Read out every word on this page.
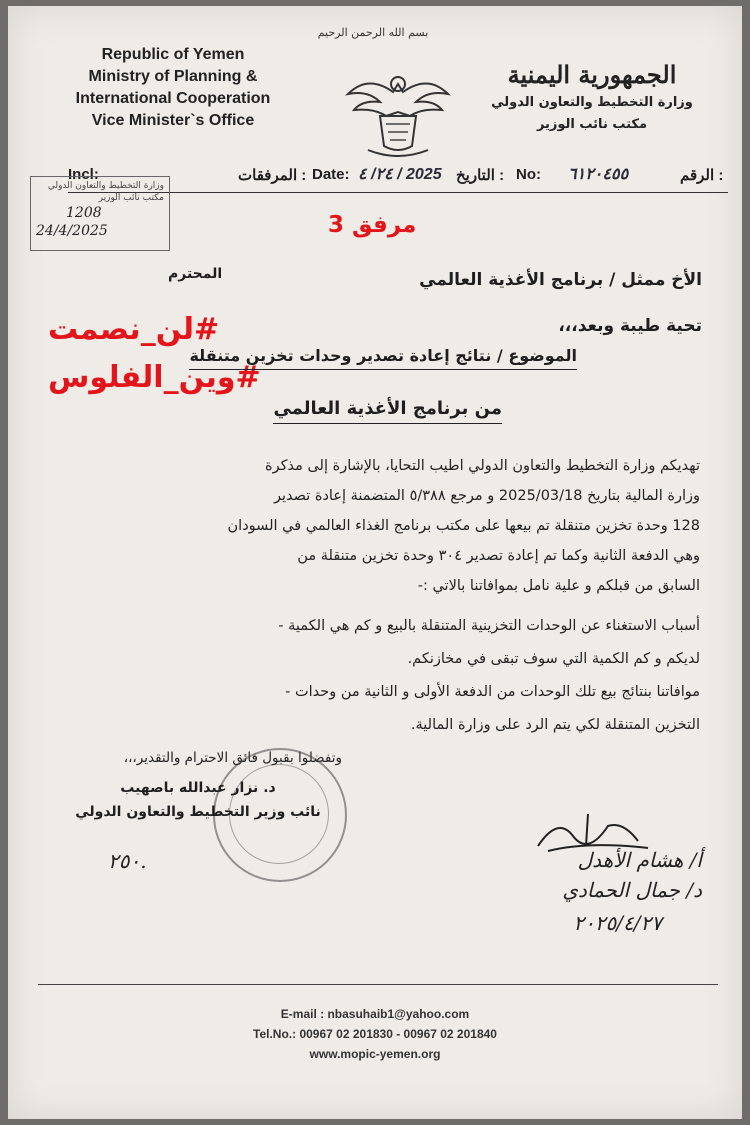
Republic of Yemen
Ministry of Planning &
International Cooperation
Vice Minister`s Office
بسم الله الرحمن الرحيم
الجمهورية اليمنية
وزارة التخطيط والتعاون الدولي
مكتب نائب الوزير
Incl:	المرفقات : Date: ٢٤/ ٤ / 2025 التاريخ : No: ٦١٢٠٤٥٥	الرقم :
وزارة التخطيط والتعاون الدولي
مكتب نائب الوزير
1208
24/4/2025	مرفق 3
#لن_نصمت
#وين_الفلوس
الأخ ممثل / برنامج الأغذية العالمي
المحترم
تحية طيبة وبعد،،،
الموضوع / نتائج إعادة تصدير وحدات تخزين متنقلة
من برنامج الأغذية العالمي
تهديكم وزارة التخطيط والتعاون الدولي اطيب التحايا، بالإشارة إلى مذكرة
وزارة المالية بتاريخ 2025/03/18 و مرجع ٥/٣٨٨ المتضمنة إعادة تصدير
128 وحدة تخزين متنقلة تم بيعها على مكتب برنامج الغذاء العالمي في السودان
وهي الدفعة الثانية وكما تم إعادة تصدير ٣٠٤ وحدة تخزين متنقلة من
السابق من قبلكم و علية نامل بموافاتنا بالاتي :-
أسباب الاستغناء عن الوحدات التخزينية المتنقلة بالبيع و كم هي الكمية -
لديكم و كم الكمية التي سوف تبقى في مخازنكم.
موافاتنا بنتائج بيع تلك الوحدات من الدفعة الأولى و الثانية من وحدات -
التخزين المتنقلة لكي يتم الرد على وزارة المالية.
وتفضلوا بقبول فائق الاحترام والتقدير،،،
د. نزار عبدالله باصهيب
نائب وزير التخطيط والتعاون الدولي
٢٥٠.	أ/ هشام الأهدل
د/ جمال الحمادي
٢٠٢٥/٤/٢٧
E-mail : nbasuhaib1@yahoo.com
Tel.No.: 00967 02 201830 - 00967 02 201840
www.mopic-yemen.org
